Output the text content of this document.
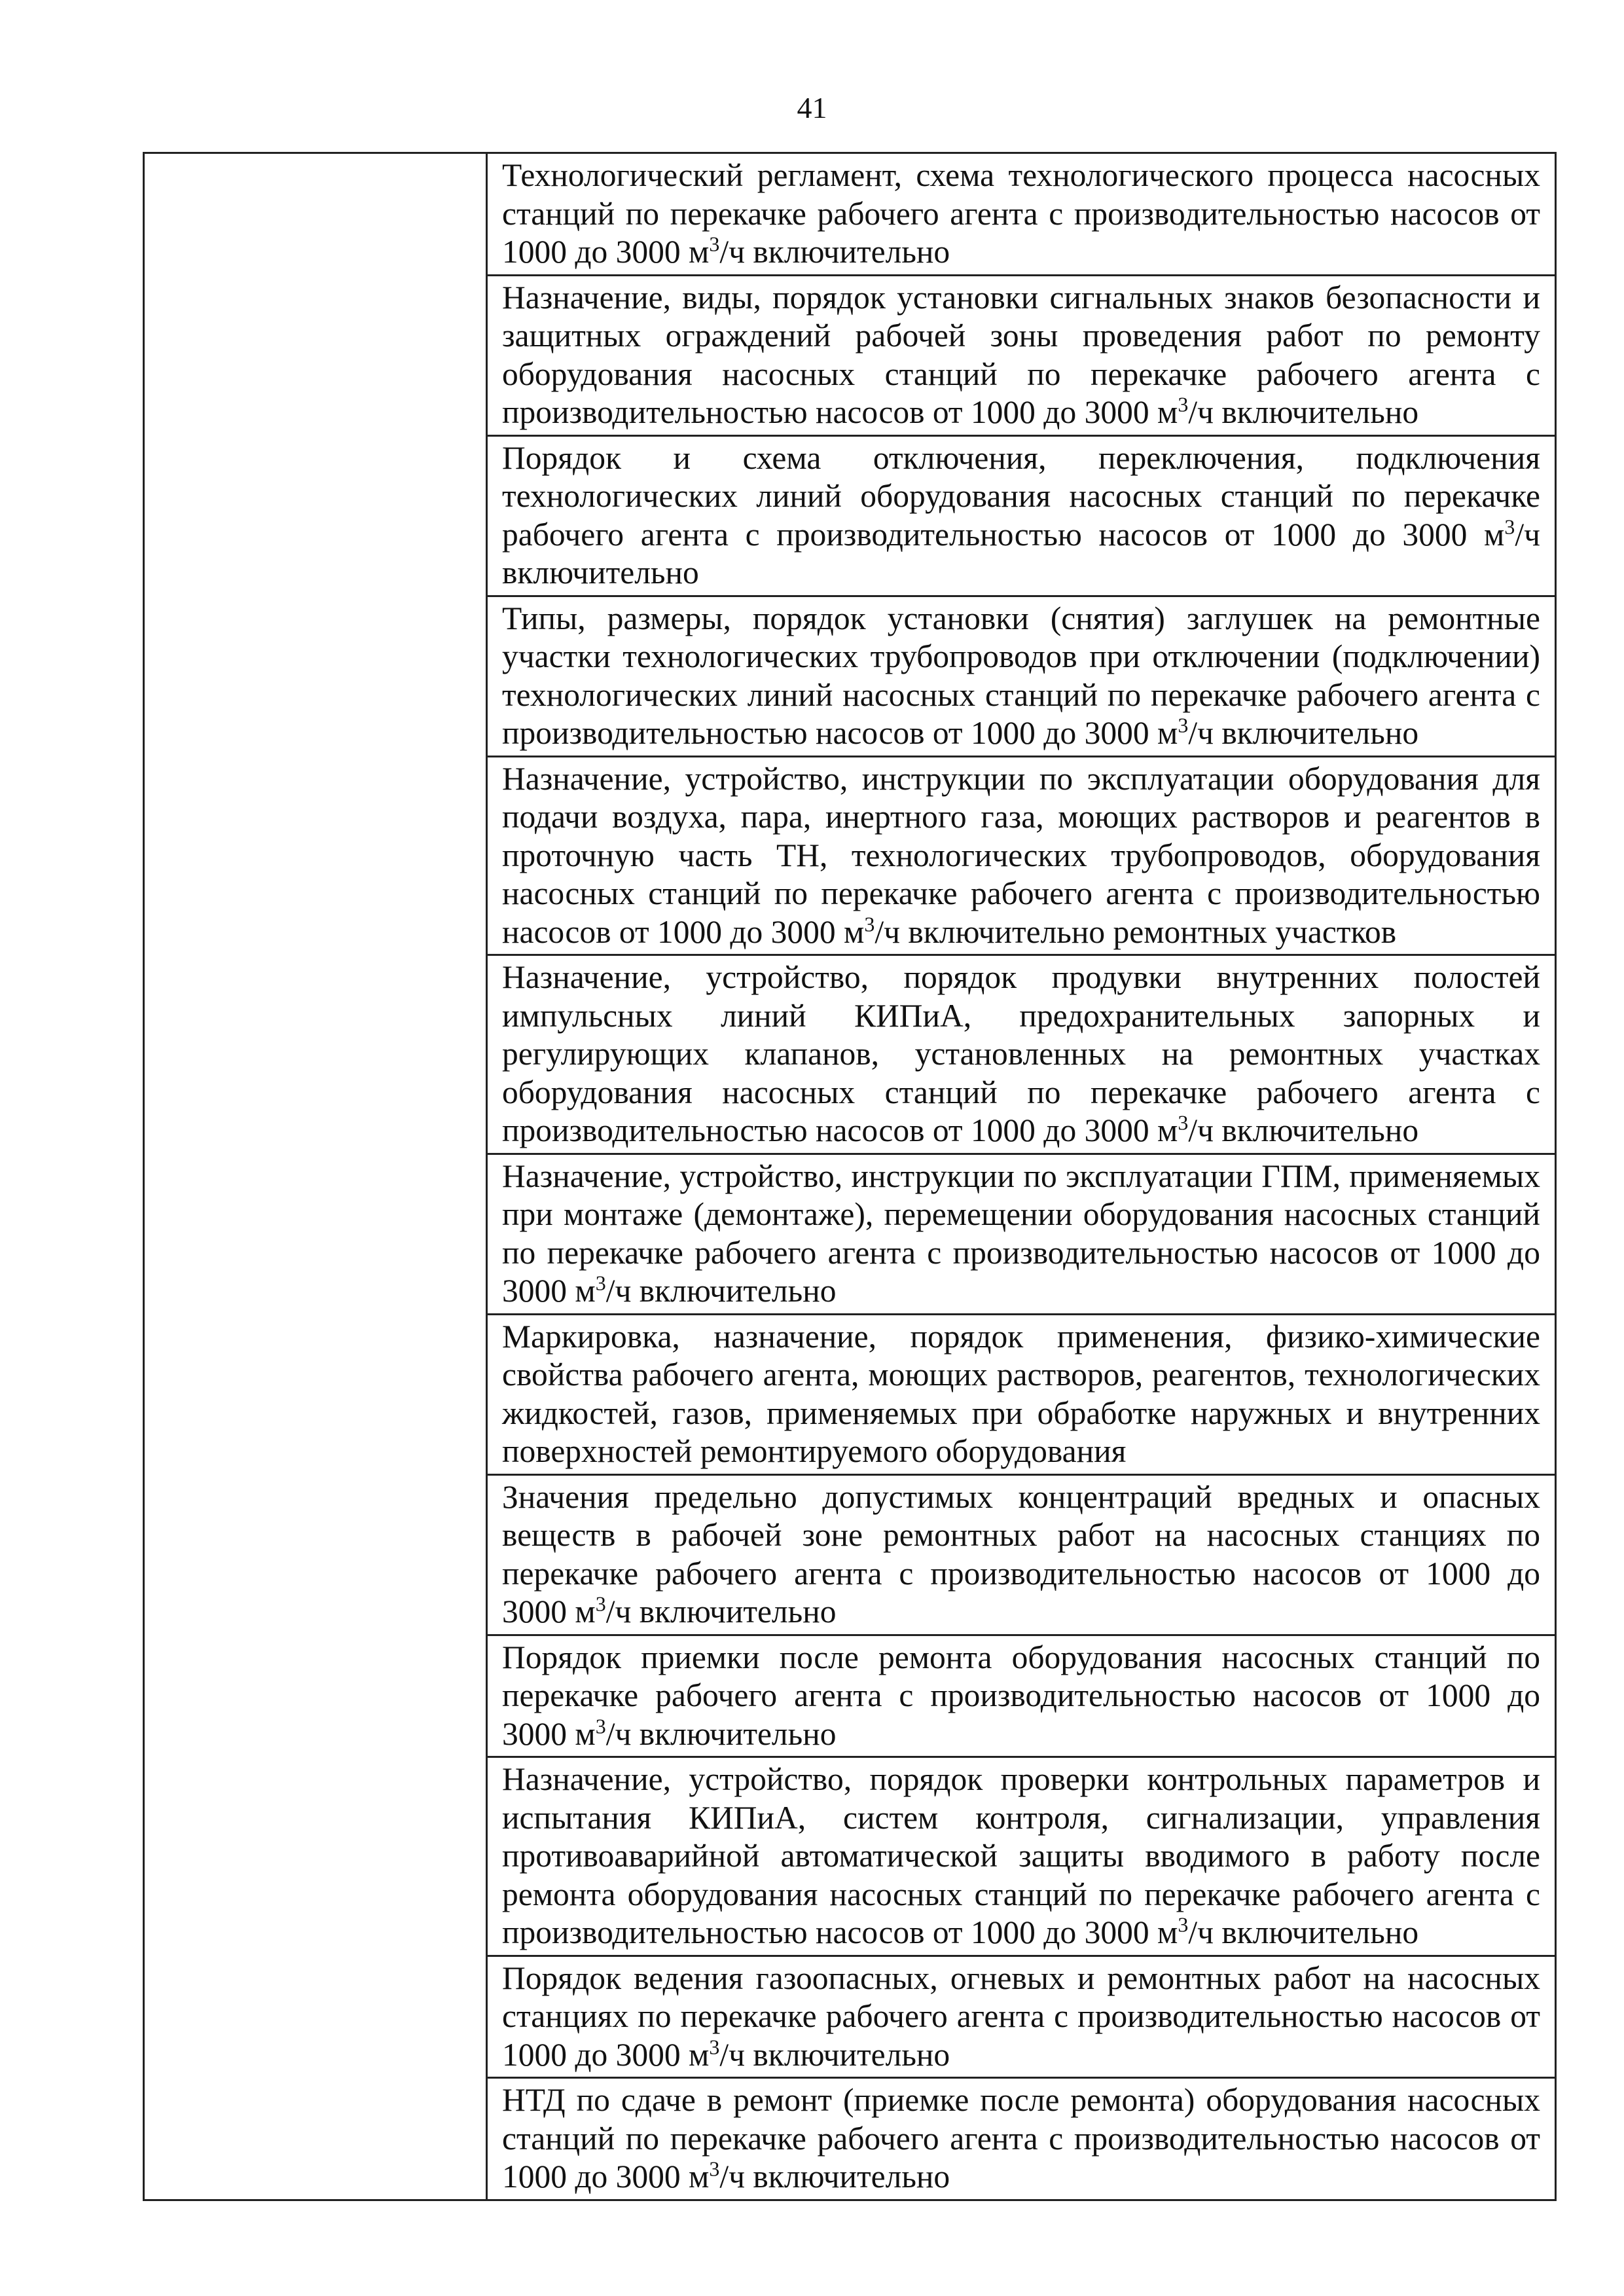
41

Технологический регламент, схема технологического процесса насосных станций по перекачке рабочего агента с производительностью насосов от 1000 до 3000 $м^3/ч$ включительно

Назначение, виды, порядок установки сигнальных знаков безопасности и защитных ограждений рабочей зоны проведения работ по ремонту оборудования насосных станций по перекачке рабочего агента с производительностью насосов от 1000 до 3000 $м^3/ч$ включительно

Порядок и схема отключения, переключения, подключения технологических линий оборудования насосных станций по перекачке рабочего агента с производительностью насосов от 1000 до 3000 $м^3/ч$ включительно

Типы, размеры, порядок установки (снятия) заглушек на ремонтные участки технологических трубопроводов при отключении (подключении) технологических линий насосных станций по перекачке рабочего агента с производительностью насосов от 1000 до 3000 $м^3/ч$ включительно

Назначение, устройство, инструкции по эксплуатации оборудования для подачи воздуха, пара, инертного газа, моющих растворов и реагентов в проточную часть ТН, технологических трубопроводов, оборудования насосных станций по перекачке рабочего агента с производительностью насосов от 1000 до 3000 $м^3/ч$ включительно ремонтных участков

Назначение, устройство, порядок продувки внутренних полостей импульсных линий КИПиА, предохранительных запорных и регулирующих клапанов, установленных на ремонтных участках оборудования насосных станций по перекачке рабочего агента с производительностью насосов от 1000 до 3000 $м^3/ч$ включительно

Назначение, устройство, инструкции по эксплуатации ГПМ, применяемых при монтаже (демонтаже), перемещении оборудования насосных станций по перекачке рабочего агента с производительностью насосов от 1000 до 3000 $м^3/ч$ включительно

Маркировка, назначение, порядок применения, физико-химические свойства рабочего агента, моющих растворов, реагентов, технологических жидкостей, газов, применяемых при обработке наружных и внутренних поверхностей ремонтируемого оборудования

Значения предельно допустимых концентраций вредных и опасных веществ в рабочей зоне ремонтных работ на насосных станциях по перекачке рабочего агента с производительностью насосов от 1000 до 3000 $м^3/ч$ включительно

Порядок приемки после ремонта оборудования насосных станций по перекачке рабочего агента с производительностью насосов от 1000 до 3000 $м^3/ч$ включительно

Назначение, устройство, порядок проверки контрольных параметров и испытания КИПиА, систем контроля, сигнализации, управления противоаварийной автоматической защиты вводимого в работу после ремонта оборудования насосных станций по перекачке рабочего агента с производительностью насосов от 1000 до 3000 $м^3/ч$ включительно

Порядок ведения газоопасных, огневых и ремонтных работ на насосных станциях по перекачке рабочего агента с производительностью насосов от 1000 до 3000 $м^3/ч$ включительно

НТД по сдаче в ремонт (приемке после ремонта) оборудования насосных станций по перекачке рабочего агента с производительностью насосов от 1000 до 3000 $м^3/ч$ включительно
